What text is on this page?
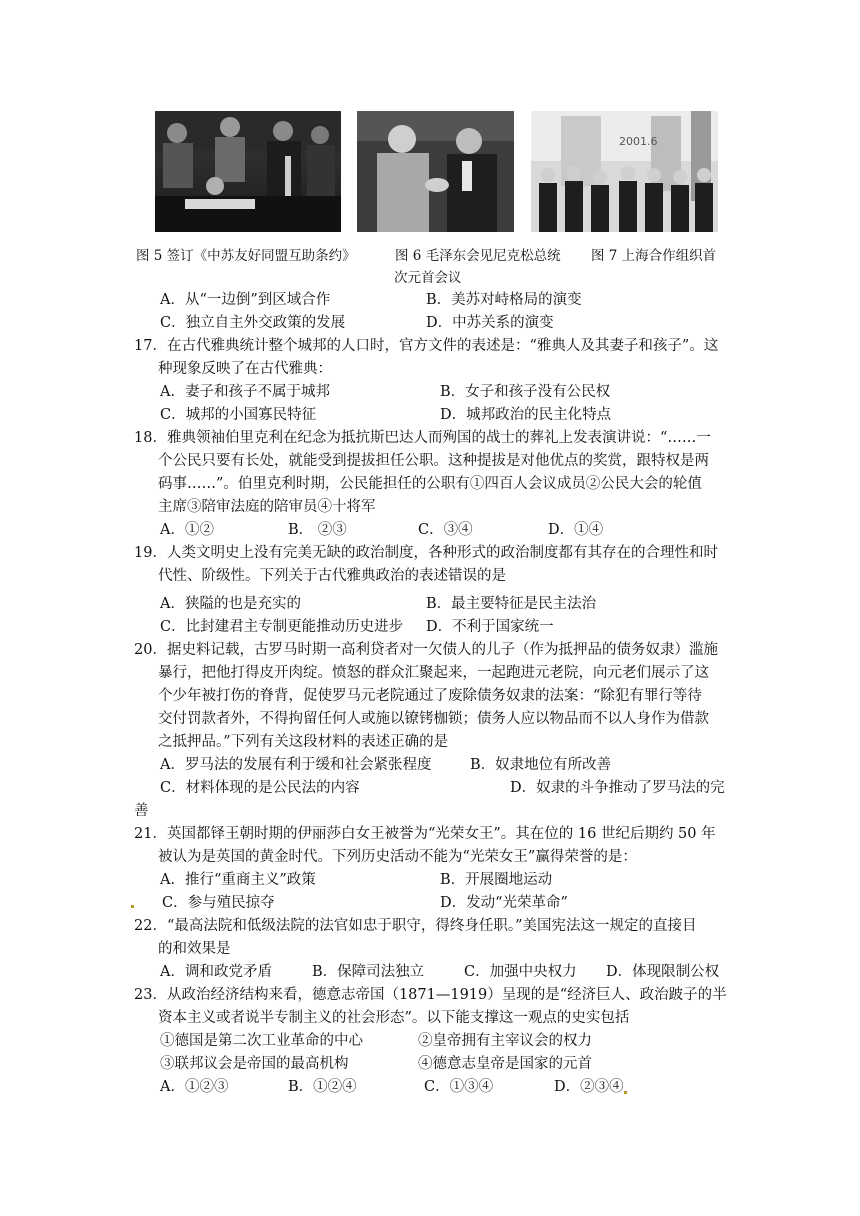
2001.6
图 5 签订《中苏友好同盟互助条约》	图 6 毛泽东会见尼克松总统 图 7 上海合作组织首
次元首会议
A．从“一边倒”到区域合作	B．美苏对峙格局的演变
C．独立自主外交政策的发展	D．中苏关系的演变
17．在古代雅典统计整个城邦的人口时，官方文件的表述是：“雅典人及其妻子和孩子”。这
种现象反映了在古代雅典：
A．妻子和孩子不属于城邦	B．女子和孩子没有公民权
C．城邦的小国寡民特征	D．城邦政治的民主化特点
18．雅典领袖伯里克利在纪念为抵抗斯巴达人而殉国的战士的葬礼上发表演讲说：“……一
个公民只要有长处，就能受到提拔担任公职。这种提拔是对他优点的奖赏，跟特权是两
码事……”。伯里克利时期，公民能担任的公职有①四百人会议成员②公民大会的轮值
主席③陪审法庭的陪审员④十将军
A．①②	B． ②③	C．③④	D．①④
19．人类文明史上没有完美无缺的政治制度，各种形式的政治制度都有其存在的合理性和时
代性、阶级性。下列关于古代雅典政治的表述错误的是
A．狭隘的也是充实的	B．最主要特征是民主法治
C．比封建君主专制更能推动历史进步 D．不利于国家统一
20．据史料记载，古罗马时期一高利贷者对一欠债人的儿子（作为抵押品的债务奴隶）滥施
暴行，把他打得皮开肉绽。愤怒的群众汇聚起来，一起跑进元老院，向元老们展示了这
个少年被打伤的脊背，促使罗马元老院通过了废除债务奴隶的法案：“除犯有罪行等待
交付罚款者外，不得拘留任何人或施以镣铐枷锁；债务人应以物品而不以人身作为借款
之抵押品。”下列有关这段材料的表述正确的是
A．罗马法的发展有利于缓和社会紧张程度	B．奴隶地位有所改善
C．材料体现的是公民法的内容	D．奴隶的斗争推动了罗马法的完
善
21．英国都铎王朝时期的伊丽莎白女王被誉为“光荣女王”。其在位的 16 世纪后期约 50 年
被认为是英国的黄金时代。下列历史活动不能为“光荣女王”赢得荣誉的是：
A．推行“重商主义”政策	B．开展圈地运动
C．参与殖民掠夺	D．发动“光荣革命”
22．“最高法院和低级法院的法官如忠于职守，得终身任职。”美国宪法这一规定的直接目
的和效果是
A．调和政党矛盾	B．保障司法独立	C．加强中央权力 D．体现限制公权
23．从政治经济结构来看，德意志帝国（1871—1919）呈现的是“经济巨人、政治跛子的半
资本主义或者说半专制主义的社会形态”。以下能支撑这一观点的史实包括
①德国是第二次工业革命的中心	②皇帝拥有主宰议会的权力
③联邦议会是帝国的最高机构	④德意志皇帝是国家的元首
A．①②③	B．①②④	C．①③④	D．②③④
